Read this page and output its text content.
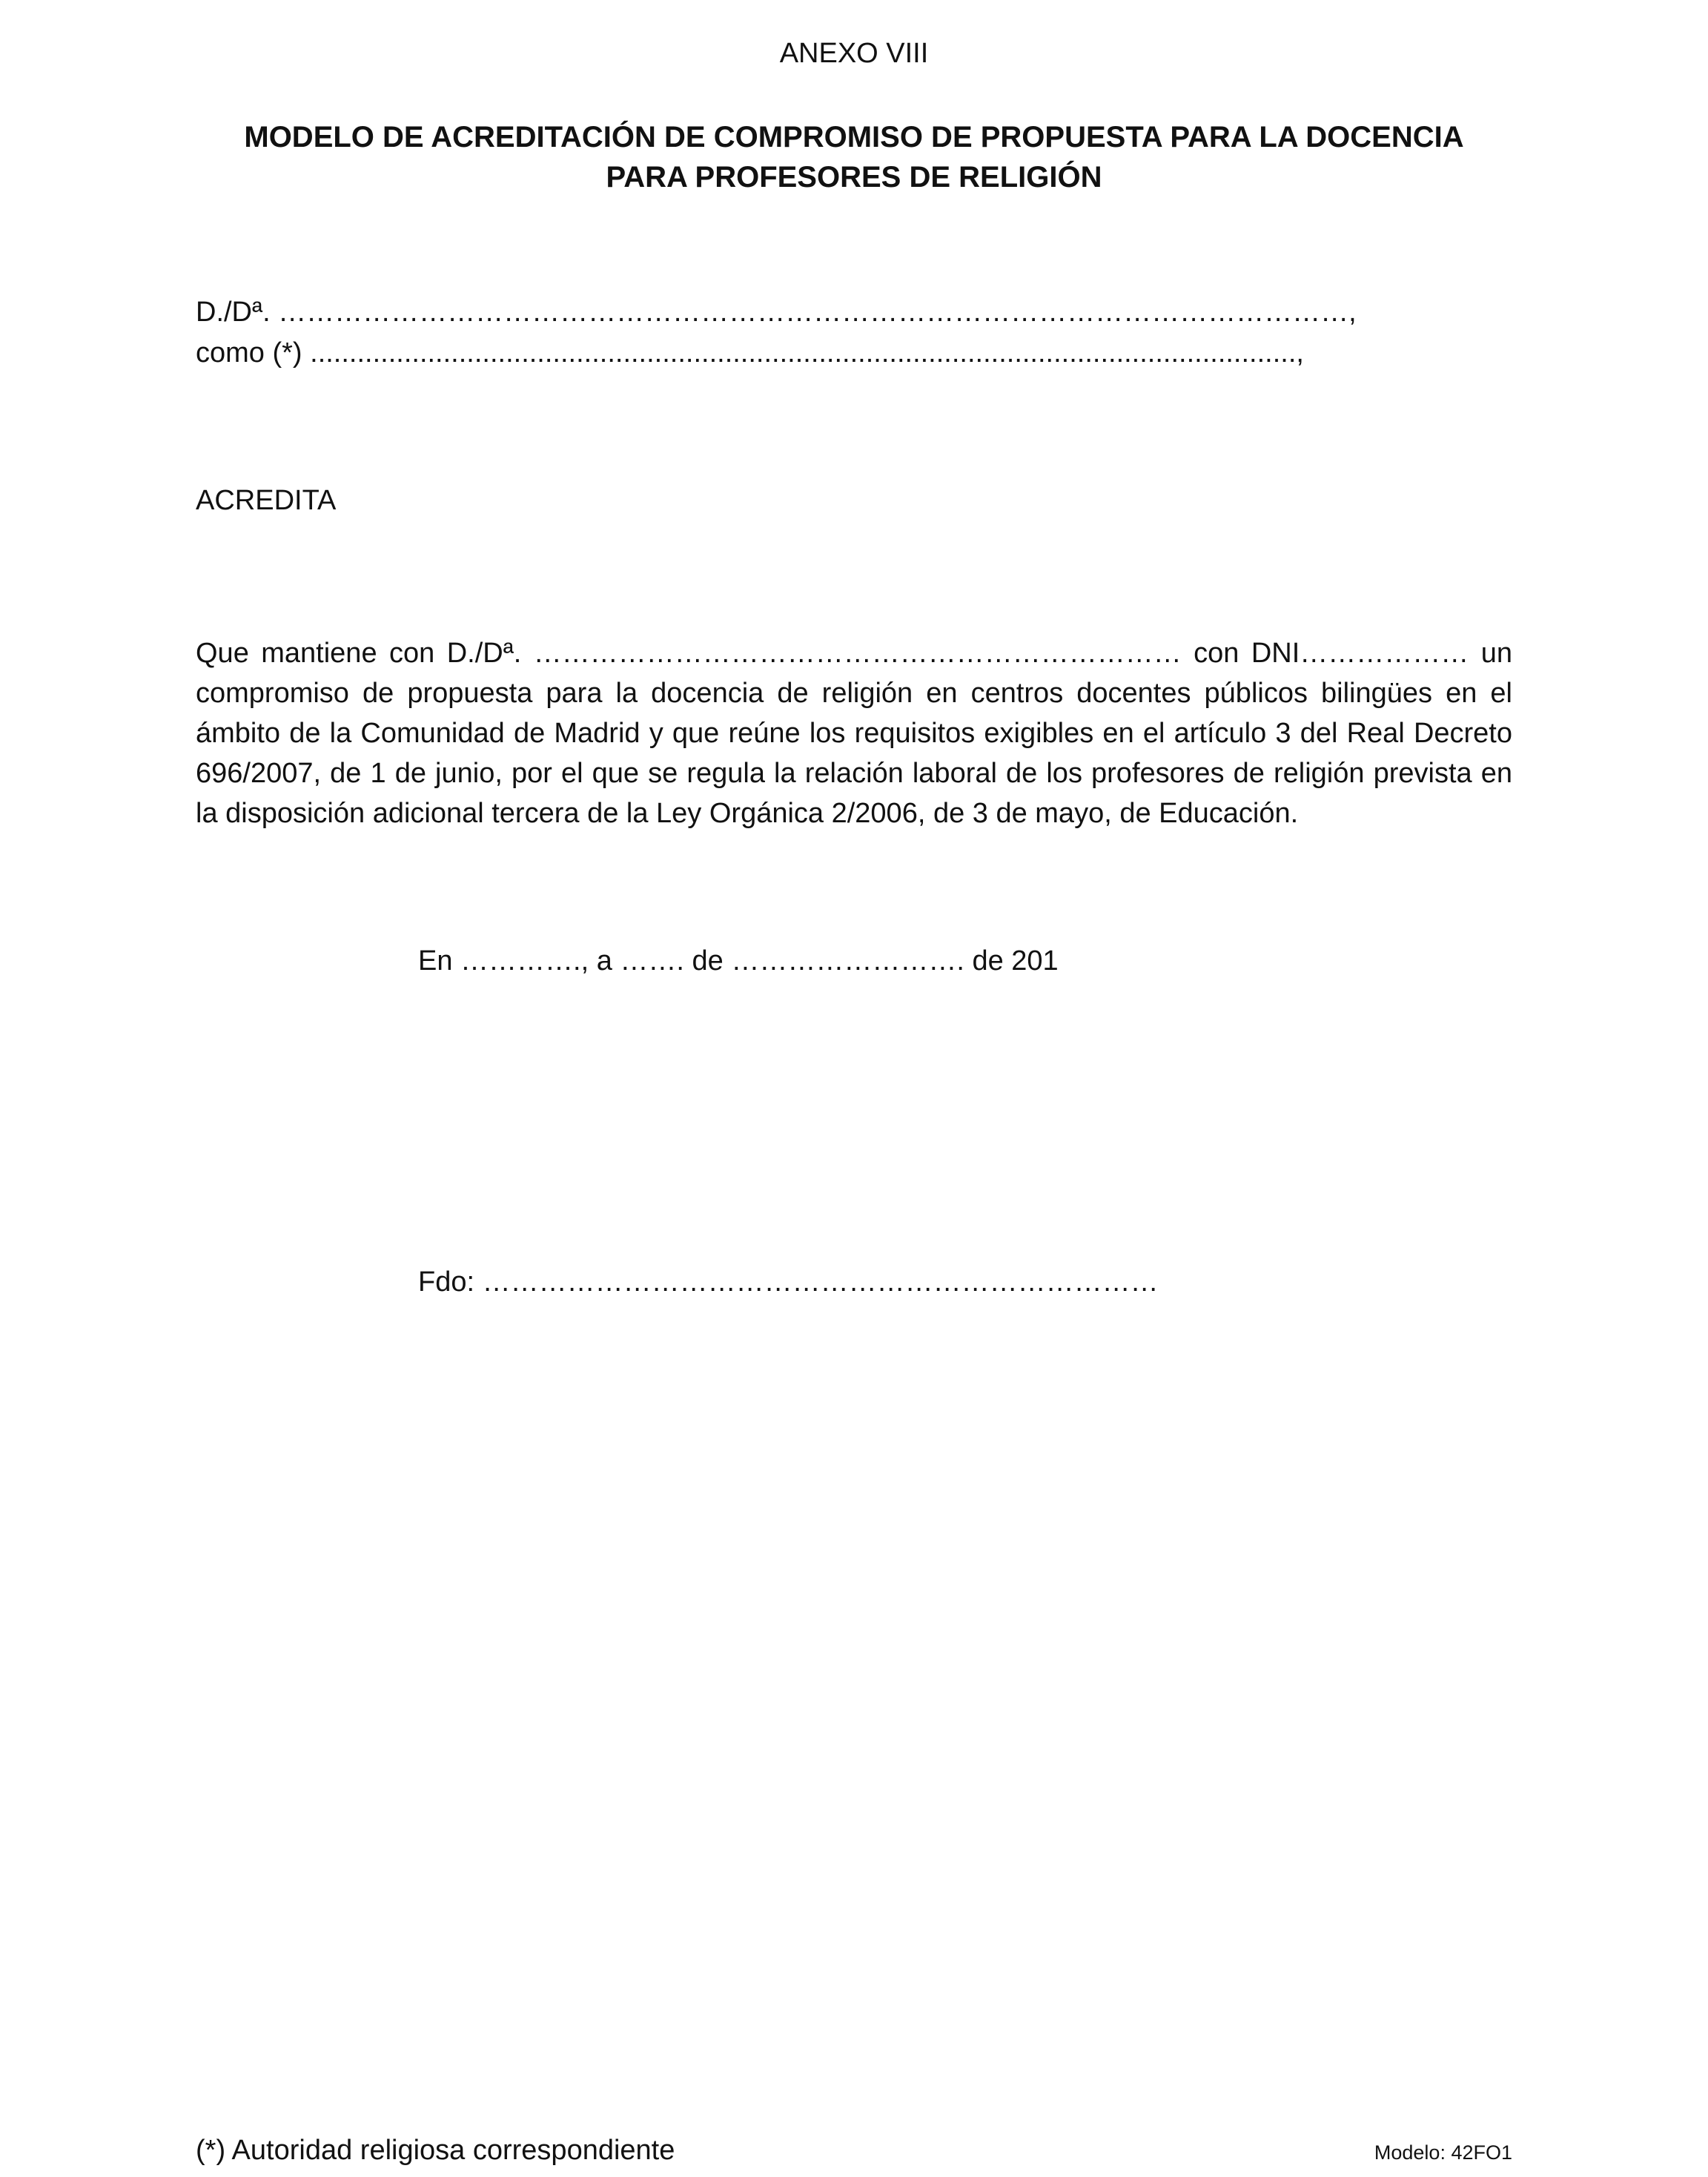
ANEXO VIII
MODELO DE ACREDITACIÓN DE COMPROMISO DE PROPUESTA PARA LA DOCENCIA PARA PROFESORES DE RELIGIÓN
D./Dª. ……………………………………………………………………………………………………,
como (*) ..............................................................................................................................,
ACREDITA

Que mantiene con D./Dª. …………………………………………………………… con DNI……………… un compromiso de propuesta para la docencia de religión en centros docentes públicos bilingües en el ámbito de la Comunidad de Madrid y que reúne los requisitos exigibles en el artículo 3 del Real Decreto 696/2007, de 1 de junio, por el que se regula la relación laboral de los profesores de religión prevista en la disposición adicional tercera de la Ley Orgánica 2/2006, de 3 de mayo, de Educación.

En …………., a ……. de ……………………. de 201
Fdo: ………………………………………………………………
(*) Autoridad religiosa correspondiente	Modelo: 42FO1
